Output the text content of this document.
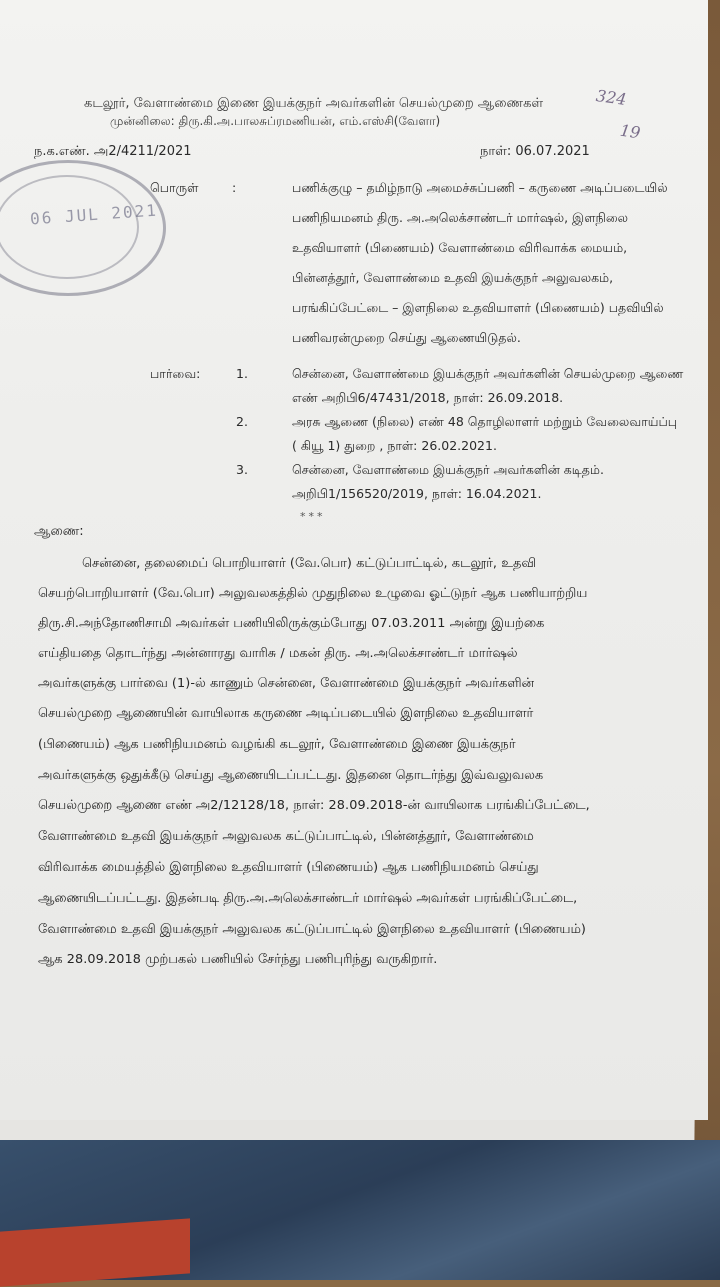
கடலூர், வேளாண்மை இணை இயக்குநர் அவர்களின் செயல்முறை ஆணைகள்
முன்னிலை: திரு.கி.அ.பாலசுப்ரமணியன், எம்.எஸ்சி(வேளா)
324
19
ந.க.எண். அ2/4211/2021	நாள்: 06.07.2021
06 JUL 2021
பொருள்	:	பணிக்குழு – தமிழ்நாடு அமைச்சுப்பணி – கருணை அடிப்படையில்
பணிநியமனம் திரு. அ.அலெக்சாண்டர் மார்ஷல், இளநிலை
உதவியாளர் (பிணையம்) வேளாண்மை விரிவாக்க மையம்,
பின்னத்தூர், வேளாண்மை உதவி இயக்குநர் அலுவலகம்,
பரங்கிப்பேட்டை – இளநிலை உதவியாளர் (பிணையம்) பதவியில்
பணிவரன்முறை செய்து ஆணையிடுதல்.
பார்வை:	1.	சென்னை, வேளாண்மை இயக்குநர் அவர்களின் செயல்முறை ஆணை
எண் அறிபி6/47431/2018, நாள்: 26.09.2018.
2.	அரசு ஆணை (நிலை) எண் 48 தொழிலாளர் மற்றும் வேலைவாய்ப்பு
( கியூ 1) துறை , நாள்: 26.02.2021.
3.	சென்னை, வேளாண்மை இயக்குநர் அவர்களின் கடிதம்.
அறிபி1/156520/2019, நாள்: 16.04.2021.
***
ஆணை:
சென்னை, தலைமைப் பொறியாளர் (வே.பொ) கட்டுப்பாட்டில், கடலூர், உதவி
செயற்பொறியாளர் (வே.பொ) அலுவலகத்தில் முதுநிலை உழுவை ஓட்டுநர் ஆக பணியாற்றிய
திரு.சி.அந்தோணிசாமி அவர்கள் பணியிலிருக்கும்போது 07.03.2011 அன்று இயற்கை
எய்தியதை தொடர்ந்து அன்னாரது வாரிசு / மகன் திரு. அ.அலெக்சாண்டர் மார்ஷல்
அவர்களுக்கு பார்வை (1)-ல் காணும் சென்னை, வேளாண்மை இயக்குநர் அவர்களின்
செயல்முறை ஆணையின் வாயிலாக கருணை அடிப்படையில் இளநிலை உதவியாளர்
(பிணையம்) ஆக பணிநியமனம் வழங்கி கடலூர், வேளாண்மை இணை இயக்குநர்
அவர்களுக்கு ஒதுக்கீடு செய்து ஆணையிடப்பட்டது. இதனை தொடர்ந்து இவ்வலுவலக
செயல்முறை ஆணை எண் அ2/12128/18, நாள்: 28.09.2018-ன் வாயிலாக பரங்கிப்பேட்டை,
வேளாண்மை உதவி இயக்குநர் அலுவலக கட்டுப்பாட்டில், பின்னத்தூர், வேளாண்மை
விரிவாக்க மையத்தில் இளநிலை உதவியாளர் (பிணையம்) ஆக பணிநியமனம் செய்து
ஆணையிடப்பட்டது. இதன்படி திரு.அ.அலெக்சாண்டர் மார்ஷல் அவர்கள் பரங்கிப்பேட்டை,
வேளாண்மை உதவி இயக்குநர் அலுவலக கட்டுப்பாட்டில் இளநிலை உதவியாளர் (பிணையம்)
ஆக 28.09.2018 முற்பகல் பணியில் சேர்ந்து பணிபுரிந்து வருகிறார்.
